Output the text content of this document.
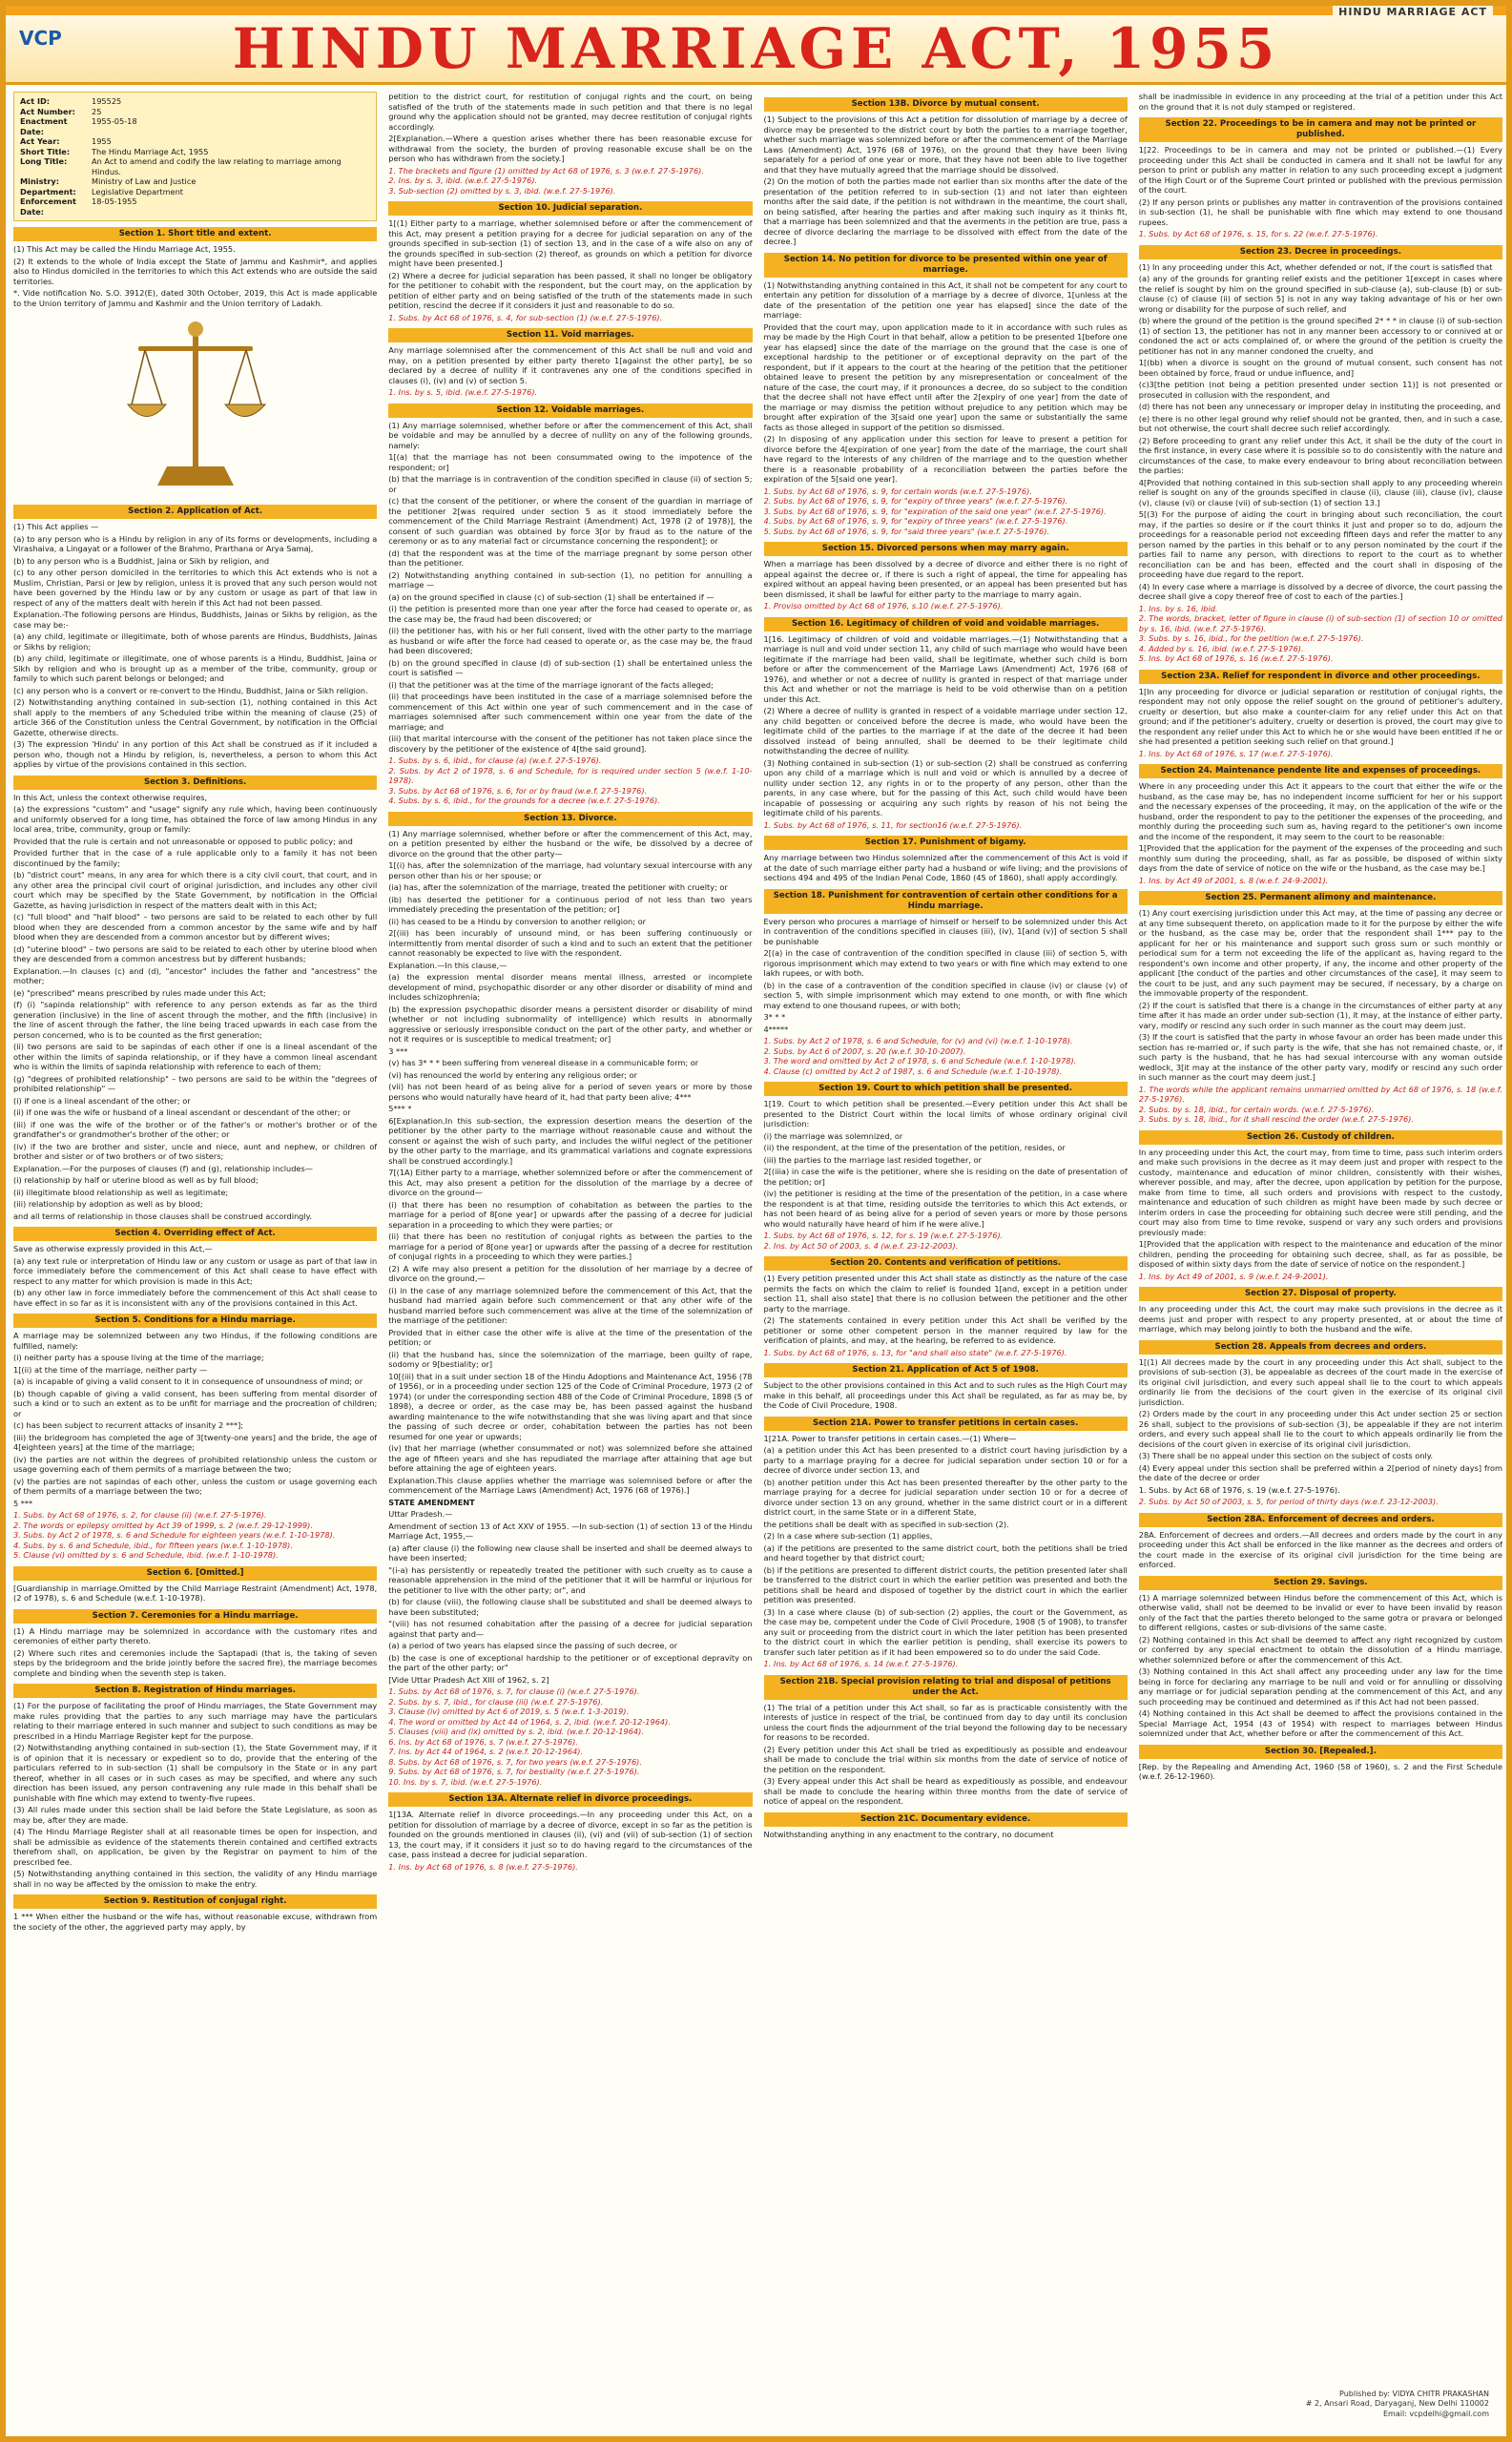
HINDU MARRIAGE ACT, 1955
VCP
HINDU MARRIAGE ACT
Act ID:	195525
Act Number:	25
Enactment Date:
1955-05-18
Act Year:	1955
Short Title:	The Hindu Marriage Act, 1955
Long Title:	An Act to amend and codify the law relating to marriage among Hindus.
Ministry:	Ministry of Law and Justice
Department:	Legislative Department
Enforcement Date:
18-05-1955
Section 1. Short title and extent.

(1) This Act may be called the Hindu Marriage Act, 1955.

(2) It extends to the whole of India except the State of Jammu and Kashmir*, and applies also to Hindus domiciled in the territories to which this Act extends who are outside the said territories.

*. Vide notification No. S.O. 3912(E), dated 30th October, 2019, this Act is made applicable to the Union territory of Jammu and Kashmir and the Union territory of Ladakh.

Section 2. Application of Act.

(1) This Act applies —

(a) to any person who is a Hindu by religion in any of its forms or developments, including a Virashaiva, a Lingayat or a follower of the Brahmo, Prarthana or Arya Samaj,

(b) to any person who is a Buddhist, Jaina or Sikh by religion, and

(c) to any other person domiciled in the territories to which this Act extends who is not a Muslim, Christian, Parsi or Jew by religion, unless it is proved that any such person would not have been governed by the Hindu law or by any custom or usage as part of that law in respect of any of the matters dealt with herein if this Act had not been passed.

Explanation.-The following persons are Hindus, Buddhists, Jainas or Sikhs by religion, as the case may be:-

(a) any child, legitimate or illegitimate, both of whose parents are Hindus, Buddhists, Jainas or Sikhs by religion;

(b) any child, legitimate or illegitimate, one of whose parents is a Hindu, Buddhist, Jaina or Sikh by religion and who is brought up as a member of the tribe, community, group or family to which such parent belongs or belonged; and

(c) any person who is a convert or re-convert to the Hindu, Buddhist, Jaina or Sikh religion.

(2) Notwithstanding anything contained in sub-section (1), nothing contained in this Act shall apply to the members of any Scheduled tribe within the meaning of clause (25) of article 366 of the Constitution unless the Central Government, by notification in the Official Gazette, otherwise directs.

(3) The expression 'Hindu' in any portion of this Act shall be construed as if it included a person who, though not a Hindu by religion, is, nevertheless, a person to whom this Act applies by virtue of the provisions contained in this section.

Section 3. Definitions.

In this Act, unless the context otherwise requires,

(a) the expressions "custom" and "usage" signify any rule which, having been continuously and uniformly observed for a long time, has obtained the force of law among Hindus in any local area, tribe, community, group or family:

Provided that the rule is certain and not unreasonable or opposed to public policy; and

Provided further that in the case of a rule applicable only to a family it has not been discontinued by the family;

(b) "district court" means, in any area for which there is a city civil court, that court, and in any other area the principal civil court of original jurisdiction, and includes any other civil court which may be specified by the State Government, by notification in the Official Gazette, as having jurisdiction in respect of the matters dealt with in this Act;

(c) "full blood" and "half blood" – two persons are said to be related to each other by full blood when they are descended from a common ancestor by the same wife and by half blood when they are descended from a common ancestor but by different wives;

(d) "uterine blood" – two persons are said to be related to each other by uterine blood when they are descended from a common ancestress but by different husbands;

Explanation.—In clauses (c) and (d), "ancestor" includes the father and "ancestress" the mother;

(e) "prescribed" means prescribed by rules made under this Act;

(f) (i) "sapinda relationship" with reference to any person extends as far as the third generation (inclusive) in the line of ascent through the mother, and the fifth (inclusive) in the line of ascent through the father, the line being traced upwards in each case from the person concerned, who is to be counted as the first generation;

(ii) two persons are said to be sapindas of each other if one is a lineal ascendant of the other within the limits of sapinda relationship, or if they have a common lineal ascendant who is within the limits of sapinda relationship with reference to each of them;

(g) "degrees of prohibited relationship" – two persons are said to be within the "degrees of prohibited relationship" —

(i) if one is a lineal ascendant of the other; or

(ii) if one was the wife or husband of a lineal ascendant or descendant of the other; or

(iii) if one was the wife of the brother or of the father's or mother's brother or of the grandfather's or grandmother's brother of the other; or

(iv) if the two are brother and sister, uncle and niece, aunt and nephew, or children of brother and sister or of two brothers or of two sisters;

Explanation.—For the purposes of clauses (f) and (g), relationship includes—

(i) relationship by half or uterine blood as well as by full blood;

(ii) illegitimate blood relationship as well as legitimate;

(iii) relationship by adoption as well as by blood;

and all terms of relationship in those clauses shall be construed accordingly.

Section 4. Overriding effect of Act.

Save as otherwise expressly provided in this Act,—

(a) any text rule or interpretation of Hindu law or any custom or usage as part of that law in force immediately before the commencement of this Act shall cease to have effect with respect to any matter for which provision is made in this Act;

(b) any other law in force immediately before the commencement of this Act shall cease to have effect in so far as it is inconsistent with any of the provisions contained in this Act.

Section 5. Conditions for a Hindu marriage.

A marriage may be solemnized between any two Hindus, if the following conditions are fulfilled, namely:

(i) neither party has a spouse living at the time of the marriage;

1[(ii) at the time of the marriage, neither party —

(a) is incapable of giving a valid consent to it in consequence of unsoundness of mind; or

(b) though capable of giving a valid consent, has been suffering from mental disorder of such a kind or to such an extent as to be unfit for marriage and the procreation of children; or

(c) has been subject to recurrent attacks of insanity 2 ***];

(iii) the bridegroom has completed the age of 3[twenty-one years] and the bride, the age of 4[eighteen years] at the time of the marriage;

(iv) the parties are not within the degrees of prohibited relationship unless the custom or usage governing each of them permits of a marriage between the two;

(v) the parties are not sapindas of each other, unless the custom or usage governing each of them permits of a marriage between the two;

5 ***

1. Subs. by Act 68 of 1976, s. 2, for clause (ii) (w.e.f. 27-5-1976).

2. The words or epilepsy omitted by Act 39 of 1999, s. 2 (w.e.f. 29-12-1999).

3. Subs. by Act 2 of 1978, s. 6 and Schedule for eighteen years (w.e.f. 1-10-1978).

4. Subs. by s. 6 and Schedule, ibid., for fifteen years (w.e.f. 1-10-1978).

5. Clause (vi) omitted by s. 6 and Schedule, ibid. (w.e.f. 1-10-1978).

Section 6. [Omitted.]

[Guardianship in marriage.Omitted by the Child Marriage Restraint (Amendment) Act, 1978, (2 of 1978), s. 6 and Schedule (w.e.f. 1-10-1978).

Section 7. Ceremonies for a Hindu marriage.

(1) A Hindu marriage may be solemnized in accordance with the customary rites and ceremonies of either party thereto.

(2) Where such rites and ceremonies include the Saptapadi (that is, the taking of seven steps by the bridegroom and the bride jointly before the sacred fire), the marriage becomes complete and binding when the seventh step is taken.

Section 8. Registration of Hindu marriages.

(1) For the purpose of facilitating the proof of Hindu marriages, the State Government may make rules providing that the parties to any such marriage may have the particulars relating to their marriage entered in such manner and subject to such conditions as may be prescribed in a Hindu Marriage Register kept for the purpose.

(2) Notwithstanding anything contained in sub-section (1), the State Government may, if it is of opinion that it is necessary or expedient so to do, provide that the entering of the particulars referred to in sub-section (1) shall be compulsory in the State or in any part thereof, whether in all cases or in such cases as may be specified, and where any such direction has been issued, any person contravening any rule made in this behalf shall be punishable with fine which may extend to twenty-five rupees.

(3) All rules made under this section shall be laid before the State Legislature, as soon as may be, after they are made.

(4) The Hindu Marriage Register shall at all reasonable times be open for inspection, and shall be admissible as evidence of the statements therein contained and certified extracts therefrom shall, on application, be given by the Registrar on payment to him of the prescribed fee.

(5) Notwithstanding anything contained in this section, the validity of any Hindu marriage shall in no way be affected by the omission to make the entry.

Section 9. Restitution of conjugal right.

1 *** When either the husband or the wife has, without reasonable excuse, withdrawn from the society of the other, the aggrieved party may apply, by

petition to the district court, for restitution of conjugal rights and the court, on being satisfied of the truth of the statements made in such petition and that there is no legal ground why the application should not be granted, may decree restitution of conjugal rights accordingly.

2[Explanation.—Where a question arises whether there has been reasonable excuse for withdrawal from the society, the burden of proving reasonable excuse shall be on the person who has withdrawn from the society.]

1. The brackets and figure (1) omitted by Act 68 of 1976, s. 3 (w.e.f. 27-5-1976).

2. Ins. by s. 3, ibid. (w.e.f. 27-5-1976).

3. Sub-section (2) omitted by s. 3, ibid. (w.e.f. 27-5-1976).

Section 10. Judicial separation.

1[(1) Either party to a marriage, whether solemnised before or after the commencement of this Act, may present a petition praying for a decree for judicial separation on any of the grounds specified in sub-section (1) of section 13, and in the case of a wife also on any of the grounds specified in sub-section (2) thereof, as grounds on which a petition for divorce might have been presented.]

(2) Where a decree for judicial separation has been passed, it shall no longer be obligatory for the petitioner to cohabit with the respondent, but the court may, on the application by petition of either party and on being satisfied of the truth of the statements made in such petition, rescind the decree if it considers it just and reasonable to do so.

1. Subs. by Act 68 of 1976, s. 4, for sub-section (1) (w.e.f. 27-5-1976).

Section 11. Void marriages.

Any marriage solemnised after the commencement of this Act shall be null and void and may, on a petition presented by either party thereto 1[against the other party], be so declared by a decree of nullity if it contravenes any one of the conditions specified in clauses (i), (iv) and (v) of section 5.

1. Ins. by s. 5, ibid. (w.e.f. 27-5-1976).

Section 12. Voidable marriages.

(1) Any marriage solemnised, whether before or after the commencement of this Act, shall be voidable and may be annulled by a decree of nullity on any of the following grounds, namely:

1[(a) that the marriage has not been consummated owing to the impotence of the respondent; or]

(b) that the marriage is in contravention of the condition specified in clause (ii) of section 5; or

(c) that the consent of the petitioner, or where the consent of the guardian in marriage of the petitioner 2[was required under section 5 as it stood immediately before the commencement of the Child Marriage Restraint (Amendment) Act, 1978 (2 of 1978)], the consent of such guardian was obtained by force 3[or by fraud as to the nature of the ceremony or as to any material fact or circumstance concerning the respondent]; or

(d) that the respondent was at the time of the marriage pregnant by some person other than the petitioner.

(2) Notwithstanding anything contained in sub-section (1), no petition for annulling a marriage —

(a) on the ground specified in clause (c) of sub-section (1) shall be entertained if —

(i) the petition is presented more than one year after the force had ceased to operate or, as the case may be, the fraud had been discovered; or

(ii) the petitioner has, with his or her full consent, lived with the other party to the marriage as husband or wife after the force had ceased to operate or, as the case may be, the fraud had been discovered;

(b) on the ground specified in clause (d) of sub-section (1) shall be entertained unless the court is satisfied —

(i) that the petitioner was at the time of the marriage ignorant of the facts alleged;

(ii) that proceedings have been instituted in the case of a marriage solemnised before the commencement of this Act within one year of such commencement and in the case of marriages solemnised after such commencement within one year from the date of the marriage; and

(iii) that marital intercourse with the consent of the petitioner has not taken place since the discovery by the petitioner of the existence of 4[the said ground].

1. Subs. by s. 6, ibid., for clause (a) (w.e.f. 27-5-1976).

2. Subs. by Act 2 of 1978, s. 6 and Schedule, for is required under section 5 (w.e.f. 1-10-1978).

3. Subs. by Act 68 of 1976, s. 6, for or by fraud (w.e.f. 27-5-1976).

4. Subs. by s. 6, ibid., for the grounds for a decree (w.e.f. 27-5-1976).

Section 13. Divorce.

(1) Any marriage solemnised, whether before or after the commencement of this Act, may, on a petition presented by either the husband or the wife, be dissolved by a decree of divorce on the ground that the other party—

1[(i) has, after the solemnization of the marriage, had voluntary sexual intercourse with any person other than his or her spouse; or

(ia) has, after the solemnization of the marriage, treated the petitioner with cruelty; or

(ib) has deserted the petitioner for a continuous period of not less than two years immediately preceding the presentation of the petition; or]

(ii) has ceased to be a Hindu by conversion to another religion; or

2[(iii) has been incurably of unsound mind, or has been suffering continuously or intermittently from mental disorder of such a kind and to such an extent that the petitioner cannot reasonably be expected to live with the respondent.

Explanation.—In this clause,—

(a) the expression mental disorder means mental illness, arrested or incomplete development of mind, psychopathic disorder or any other disorder or disability of mind and includes schizophrenia;

(b) the expression psychopathic disorder means a persistent disorder or disability of mind (whether or not including subnormality of intelligence) which results in abnormally aggressive or seriously irresponsible conduct on the part of the other party, and whether or not it requires or is susceptible to medical treatment; or]

3 ***

(v) has 3* * * been suffering from venereal disease in a communicable form; or

(vi) has renounced the world by entering any religious order; or

(vii) has not been heard of as being alive for a period of seven years or more by those persons who would naturally have heard of it, had that party been alive; 4***

5*** *

6[Explanation.In this sub-section, the expression desertion means the desertion of the petitioner by the other party to the marriage without reasonable cause and without the consent or against the wish of such party, and includes the wilful neglect of the petitioner by the other party to the marriage, and its grammatical variations and cognate expressions shall be construed accordingly.]

7[(1A) Either party to a marriage, whether solemnized before or after the commencement of this Act, may also present a petition for the dissolution of the marriage by a decree of divorce on the ground—

(i) that there has been no resumption of cohabitation as between the parties to the marriage for a period of 8[one year] or upwards after the passing of a decree for judicial separation in a proceeding to which they were parties; or

(ii) that there has been no restitution of conjugal rights as between the parties to the marriage for a period of 8[one year] or upwards after the passing of a decree for restitution of conjugal rights in a proceeding to which they were parties.]

(2) A wife may also present a petition for the dissolution of her marriage by a decree of divorce on the ground,—

(i) in the case of any marriage solemnized before the commencement of this Act, that the husband had married again before such commencement or that any other wife of the husband married before such commencement was alive at the time of the solemnization of the marriage of the petitioner:

Provided that in either case the other wife is alive at the time of the presentation of the petition; or

(ii) that the husband has, since the solemnization of the marriage, been guilty of rape, sodomy or 9[bestiality; or]

10[(iii) that in a suit under section 18 of the Hindu Adoptions and Maintenance Act, 1956 (78 of 1956), or in a proceeding under section 125 of the Code of Criminal Procedure, 1973 (2 of 1974) (or under the corresponding section 488 of the Code of Criminal Procedure, 1898 (5 of 1898), a decree or order, as the case may be, has been passed against the husband awarding maintenance to the wife notwithstanding that she was living apart and that since the passing of such decree or order, cohabitation between the parties has not been resumed for one year or upwards;

(iv) that her marriage (whether consummated or not) was solemnized before she attained the age of fifteen years and she has repudiated the marriage after attaining that age but before attaining the age of eighteen years.

Explanation.This clause applies whether the marriage was solemnised before or after the commencement of the Marriage Laws (Amendment) Act, 1976 (68 of 1976).]

STATE AMENDMENT

Uttar Pradesh.—

Amendment of section 13 of Act XXV of 1955. —In sub-section (1) of section 13 of the Hindu Marriage Act, 1955,—

(a) after clause (i) the following new clause shall be inserted and shall be deemed always to have been inserted;

"(i-a) has persistently or repeatedly treated the petitioner with such cruelty as to cause a reasonable apprehension in the mind of the petitioner that it will be harmful or injurious for the petitioner to live with the other party; or", and

(b) for clause (viii), the following clause shall be substituted and shall be deemed always to have been substituted;

"(viii) has not resumed cohabitation after the passing of a decree for judicial separation against that party and—

(a) a period of two years has elapsed since the passing of such decree, or

(b) the case is one of exceptional hardship to the petitioner or of exceptional depravity on the part of the other party; or"

[Vide Uttar Pradesh Act XIII of 1962, s. 2]

1. Subs. by Act 68 of 1976, s. 7, for clause (i) (w.e.f. 27-5-1976).

2. Subs. by s. 7, ibid., for clause (iii) (w.e.f. 27-5-1976).

3. Clause (iv) omitted by Act 6 of 2019, s. 5 (w.e.f. 1-3-2019).

4. The word or omitted by Act 44 of 1964, s. 2, ibid. (w.e.f. 20-12-1964).

5. Clauses (viii) and (ix) omitted by s. 2, ibid. (w.e.f. 20-12-1964).

6. Ins. by Act 68 of 1976, s. 7 (w.e.f. 27-5-1976).

7. Ins. by Act 44 of 1964, s. 2 (w.e.f. 20-12-1964).

8. Subs. by Act 68 of 1976, s. 7, for two years (w.e.f. 27-5-1976).

9. Subs. by Act 68 of 1976, s. 7, for bestiality (w.e.f. 27-5-1976).

10. Ins. by s. 7, ibid. (w.e.f. 27-5-1976).

Section 13A. Alternate relief in divorce proceedings.

1[13A. Alternate relief in divorce proceedings.—In any proceeding under this Act, on a petition for dissolution of marriage by a decree of divorce, except in so far as the petition is founded on the grounds mentioned in clauses (ii), (vi) and (vii) of sub-section (1) of section 13, the court may, if it considers it just so to do having regard to the circumstances of the case, pass instead a decree for judicial separation.

1. Ins. by Act 68 of 1976, s. 8 (w.e.f. 27-5-1976).

Section 13B. Divorce by mutual consent.

(1) Subject to the provisions of this Act a petition for dissolution of marriage by a decree of divorce may be presented to the district court by both the parties to a marriage together, whether such marriage was solemnized before or after the commencement of the Marriage Laws (Amendment) Act, 1976 (68 of 1976), on the ground that they have been living separately for a period of one year or more, that they have not been able to live together and that they have mutually agreed that the marriage should be dissolved.

(2) On the motion of both the parties made not earlier than six months after the date of the presentation of the petition referred to in sub-section (1) and not later than eighteen months after the said date, if the petition is not withdrawn in the meantime, the court shall, on being satisfied, after hearing the parties and after making such inquiry as it thinks fit, that a marriage has been solemnized and that the averments in the petition are true, pass a decree of divorce declaring the marriage to be dissolved with effect from the date of the decree.]

Section 14. No petition for divorce to be presented within one year of marriage.

(1) Notwithstanding anything contained in this Act, it shall not be competent for any court to entertain any petition for dissolution of a marriage by a decree of divorce, 1[unless at the date of the presentation of the petition one year has elapsed] since the date of the marriage:

Provided that the court may, upon application made to it in accordance with such rules as may be made by the High Court in that behalf, allow a petition to be presented 1[before one year has elapsed] since the date of the marriage on the ground that the case is one of exceptional hardship to the petitioner or of exceptional depravity on the part of the respondent, but if it appears to the court at the hearing of the petition that the petitioner obtained leave to present the petition by any misrepresentation or concealment of the nature of the case, the court may, if it pronounces a decree, do so subject to the condition that the decree shall not have effect until after the 2[expiry of one year] from the date of the marriage or may dismiss the petition without prejudice to any petition which may be brought after expiration of the 3[said one year] upon the same or substantially the same facts as those alleged in support of the petition so dismissed.

(2) In disposing of any application under this section for leave to present a petition for divorce before the 4[expiration of one year] from the date of the marriage, the court shall have regard to the interests of any children of the marriage and to the question whether there is a reasonable probability of a reconciliation between the parties before the expiration of the 5[said one year].

1. Subs. by Act 68 of 1976, s. 9, for certain words (w.e.f. 27-5-1976).

2. Subs. by Act 68 of 1976, s. 9, for "expiry of three years" (w.e.f. 27-5-1976).

3. Subs. by Act 68 of 1976, s. 9, for "expiration of the said one year" (w.e.f. 27-5-1976).

4. Subs. by Act 68 of 1976, s. 9, for "expiry of three years" (w.e.f. 27-5-1976).

5. Subs. by Act 68 of 1976, s. 9, for "said three years" (w.e.f. 27-5-1976).

Section 15. Divorced persons when may marry again.

When a marriage has been dissolved by a decree of divorce and either there is no right of appeal against the decree or, if there is such a right of appeal, the time for appealing has expired without an appeal having been presented, or an appeal has been presented but has been dismissed, it shall be lawful for either party to the marriage to marry again.

1. Proviso omitted by Act 68 of 1976, s.10 (w.e.f. 27-5-1976).

Section 16. Legitimacy of children of void and voidable marriages.

1[16. Legitimacy of children of void and voidable marriages.—(1) Notwithstanding that a marriage is null and void under section 11, any child of such marriage who would have been legitimate if the marriage had been valid, shall be legitimate, whether such child is born before or after the commencement of the Marriage Laws (Amendment) Act, 1976 (68 of 1976), and whether or not a decree of nullity is granted in respect of that marriage under this Act and whether or not the marriage is held to be void otherwise than on a petition under this Act.

(2) Where a decree of nullity is granted in respect of a voidable marriage under section 12, any child begotten or conceived before the decree is made, who would have been the legitimate child of the parties to the marriage if at the date of the decree it had been dissolved instead of being annulled, shall be deemed to be their legitimate child notwithstanding the decree of nullity.

(3) Nothing contained in sub-section (1) or sub-section (2) shall be construed as conferring upon any child of a marriage which is null and void or which is annulled by a decree of nullity under section 12, any rights in or to the property of any person, other than the parents, in any case where, but for the passing of this Act, such child would have been incapable of possessing or acquiring any such rights by reason of his not being the legitimate child of his parents.

1. Subs. by Act 68 of 1976, s. 11, for section16 (w.e.f. 27-5-1976).

Section 17. Punishment of bigamy.

Any marriage between two Hindus solemnized after the commencement of this Act is void if at the date of such marriage either party had a husband or wife living; and the provisions of sections 494 and 495 of the Indian Penal Code, 1860 (45 of 1860), shall apply accordingly.

Section 18. Punishment for contravention of certain other conditions for a Hindu marriage.

Every person who procures a marriage of himself or herself to be solemnized under this Act in contravention of the conditions specified in clauses (iii), (iv), 1[and (v)] of section 5 shall be punishable

2[(a) in the case of contravention of the condition specified in clause (iii) of section 5, with rigorous imprisonment which may extend to two years or with fine which may extend to one lakh rupees, or with both.

(b) in the case of a contravention of the condition specified in clause (iv) or clause (v) of section 5, with simple imprisonment which may extend to one month, or with fine which may extend to one thousand rupees, or with both;

3* * *

4*****

1. Subs. by Act 2 of 1978, s. 6 and Schedule, for (v) and (vi) (w.e.f. 1-10-1978).

2. Subs. by Act 6 of 2007, s. 20 (w.e.f. 30-10-2007).

3. The word and omitted by Act 2 of 1978, s. 6 and Schedule (w.e.f. 1-10-1978).

4. Clause (c) omitted by Act 2 of 1987, s. 6 and Schedule (w.e.f. 1-10-1978).

Section 19. Court to which petition shall be presented.

1[19. Court to which petition shall be presented.—Every petition under this Act shall be presented to the District Court within the local limits of whose ordinary original civil jurisdiction:

(i) the marriage was solemnized, or

(ii) the respondent, at the time of the presentation of the petition, resides, or

(iii) the parties to the marriage last resided together, or

2[(iiia) in case the wife is the petitioner, where she is residing on the date of presentation of the petition; or]

(iv) the petitioner is residing at the time of the presentation of the petition, in a case where the respondent is at that time, residing outside the territories to which this Act extends, or has not been heard of as being alive for a period of seven years or more by those persons who would naturally have heard of him if he were alive.]

1. Subs. by Act 68 of 1976, s. 12, for s. 19 (w.e.f. 27-5-1976).

2. Ins. by Act 50 of 2003, s. 4 (w.e.f. 23-12-2003).

Section 20. Contents and verification of petitions.

(1) Every petition presented under this Act shall state as distinctly as the nature of the case permits the facts on which the claim to relief is founded 1[and, except in a petition under section 11, shall also state] that there is no collusion between the petitioner and the other party to the marriage.

(2) The statements contained in every petition under this Act shall be verified by the petitioner or some other competent person in the manner required by law for the verification of plaints, and may, at the hearing, be referred to as evidence.

1. Subs. by Act 68 of 1976, s. 13, for "and shall also state" (w.e.f. 27-5-1976).

Section 21. Application of Act 5 of 1908.

Subject to the other provisions contained in this Act and to such rules as the High Court may make in this behalf, all proceedings under this Act shall be regulated, as far as may be, by the Code of Civil Procedure, 1908.

Section 21A. Power to transfer petitions in certain cases.

1[21A. Power to transfer petitions in certain cases.—(1) Where—

(a) a petition under this Act has been presented to a district court having jurisdiction by a party to a marriage praying for a decree for judicial separation under section 10 or for a decree of divorce under section 13, and

(b) another petition under this Act has been presented thereafter by the other party to the marriage praying for a decree for judicial separation under section 10 or for a decree of divorce under section 13 on any ground, whether in the same district court or in a different district court, in the same State or in a different State,

the petitions shall be dealt with as specified in sub-section (2).

(2) In a case where sub-section (1) applies,

(a) if the petitions are presented to the same district court, both the petitions shall be tried and heard together by that district court;

(b) if the petitions are presented to different district courts, the petition presented later shall be transferred to the district court in which the earlier petition was presented and both the petitions shall be heard and disposed of together by the district court in which the earlier petition was presented.

(3) In a case where clause (b) of sub-section (2) applies, the court or the Government, as the case may be, competent under the Code of Civil Procedure, 1908 (5 of 1908), to transfer any suit or proceeding from the district court in which the later petition has been presented to the district court in which the earlier petition is pending, shall exercise its powers to transfer such later petition as if it had been empowered so to do under the said Code.

1. Ins. by Act 68 of 1976, s. 14 (w.e.f. 27-5-1976).

Section 21B. Special provision relating to trial and disposal of petitions under the Act.

(1) The trial of a petition under this Act shall, so far as is practicable consistently with the interests of justice in respect of the trial, be continued from day to day until its conclusion unless the court finds the adjournment of the trial beyond the following day to be necessary for reasons to be recorded.

(2) Every petition under this Act shall be tried as expeditiously as possible and endeavour shall be made to conclude the trial within six months from the date of service of notice of the petition on the respondent.

(3) Every appeal under this Act shall be heard as expeditiously as possible, and endeavour shall be made to conclude the hearing within three months from the date of service of notice of appeal on the respondent.

Section 21C. Documentary evidence.

Notwithstanding anything in any enactment to the contrary, no document

shall be inadmissible in evidence in any proceeding at the trial of a petition under this Act on the ground that it is not duly stamped or registered.

Section 22. Proceedings to be in camera and may not be printed or published.

1[22. Proceedings to be in camera and may not be printed or published.—(1) Every proceeding under this Act shall be conducted in camera and it shall not be lawful for any person to print or publish any matter in relation to any such proceeding except a judgment of the High Court or of the Supreme Court printed or published with the previous permission of the court.

(2) If any person prints or publishes any matter in contravention of the provisions contained in sub-section (1), he shall be punishable with fine which may extend to one thousand rupees.

1. Subs. by Act 68 of 1976, s. 15, for s. 22 (w.e.f. 27-5-1976).

Section 23. Decree in proceedings.

(1) In any proceeding under this Act, whether defended or not, if the court is satisfied that

(a) any of the grounds for granting relief exists and the petitioner 1[except in cases where the relief is sought by him on the ground specified in sub-clause (a), sub-clause (b) or sub-clause (c) of clause (ii) of section 5] is not in any way taking advantage of his or her own wrong or disability for the purpose of such relief, and

(b) where the ground of the petition is the ground specified 2* * * in clause (i) of sub-section (1) of section 13, the petitioner has not in any manner been accessory to or connived at or condoned the act or acts complained of, or where the ground of the petition is cruelty the petitioner has not in any manner condoned the cruelty, and

1[(bb) when a divorce is sought on the ground of mutual consent, such consent has not been obtained by force, fraud or undue influence, and]

(c)3[the petition (not being a petition presented under section 11)] is not presented or prosecuted in collusion with the respondent, and

(d) there has not been any unnecessary or improper delay in instituting the proceeding, and

(e) there is no other legal ground why relief should not be granted, then, and in such a case, but not otherwise, the court shall decree such relief accordingly.

(2) Before proceeding to grant any relief under this Act, it shall be the duty of the court in the first instance, in every case where it is possible so to do consistently with the nature and circumstances of the case, to make every endeavour to bring about reconciliation between the parties:

4[Provided that nothing contained in this sub-section shall apply to any proceeding wherein relief is sought on any of the grounds specified in clause (ii), clause (iii), clause (iv), clause (v), clause (vi) or clause (vii) of sub-section (1) of section 13.]

5[(3) For the purpose of aiding the court in bringing about such reconciliation, the court may, if the parties so desire or if the court thinks it just and proper so to do, adjourn the proceedings for a reasonable period not exceeding fifteen days and refer the matter to any person named by the parties in this behalf or to any person nominated by the court if the parties fail to name any person, with directions to report to the court as to whether reconciliation can be and has been, effected and the court shall in disposing of the proceeding have due regard to the report.

(4) In every case where a marriage is dissolved by a decree of divorce, the court passing the decree shall give a copy thereof free of cost to each of the parties.]

1. Ins. by s. 16, ibid.

2. The words, bracket, letter of figure in clause (i) of sub-section (1) of section 10 or omitted by s. 16, ibid. (w.e.f. 27-5-1976).

3. Subs. by s. 16, ibid., for the petition (w.e.f. 27-5-1976).

4. Added by s. 16, ibid. (w.e.f. 27-5-1976).

5. Ins. by Act 68 of 1976, s. 16 (w.e.f. 27-5-1976).

Section 23A. Relief for respondent in divorce and other proceedings.

1[In any proceeding for divorce or judicial separation or restitution of conjugal rights, the respondent may not only oppose the relief sought on the ground of petitioner's adultery, cruelty or desertion, but also make a counter-claim for any relief under this Act on that ground; and if the petitioner's adultery, cruelty or desertion is proved, the court may give to the respondent any relief under this Act to which he or she would have been entitled if he or she had presented a petition seeking such relief on that ground.]

1. Ins. by Act 68 of 1976, s. 17 (w.e.f. 27-5-1976).

Section 24. Maintenance pendente lite and expenses of proceedings.

Where in any proceeding under this Act it appears to the court that either the wife or the husband, as the case may be, has no independent income sufficient for her or his support and the necessary expenses of the proceeding, it may, on the application of the wife or the husband, order the respondent to pay to the petitioner the expenses of the proceeding, and monthly during the proceeding such sum as, having regard to the petitioner's own income and the income of the respondent, it may seem to the court to be reasonable:

1[Provided that the application for the payment of the expenses of the proceeding and such monthly sum during the proceeding, shall, as far as possible, be disposed of within sixty days from the date of service of notice on the wife or the husband, as the case may be.]

1. Ins. by Act 49 of 2001, s. 8 (w.e.f. 24-9-2001).

Section 25. Permanent alimony and maintenance.

(1) Any court exercising jurisdiction under this Act may, at the time of passing any decree or at any time subsequent thereto, on application made to it for the purpose by either the wife or the husband, as the case may be, order that the respondent shall 1*** pay to the applicant for her or his maintenance and support such gross sum or such monthly or periodical sum for a term not exceeding the life of the applicant as, having regard to the respondent's own income and other property, if any, the income and other property of the applicant [the conduct of the parties and other circumstances of the case], it may seem to the court to be just, and any such payment may be secured, if necessary, by a charge on the immovable property of the respondent.

(2) If the court is satisfied that there is a change in the circumstances of either party at any time after it has made an order under sub-section (1), it may, at the instance of either party, vary, modify or rescind any such order in such manner as the court may deem just.

(3) If the court is satisfied that the party in whose favour an order has been made under this section has re-married or, if such party is the wife, that she has not remained chaste, or, if such party is the husband, that he has had sexual intercourse with any woman outside wedlock, 3[it may at the instance of the other party vary, modify or rescind any such order in such manner as the court may deem just.]

1. The words while the applicant remains unmarried omitted by Act 68 of 1976, s. 18 (w.e.f. 27-5-1976).

2. Subs. by s. 18, ibid., for certain words. (w.e.f. 27-5-1976).

3. Subs. by s. 18, ibid., for it shall rescind the order (w.e.f. 27-5-1976).

Section 26. Custody of children.

In any proceeding under this Act, the court may, from time to time, pass such interim orders and make such provisions in the decree as it may deem just and proper with respect to the custody, maintenance and education of minor children, consistently with their wishes, wherever possible, and may, after the decree, upon application by petition for the purpose, make from time to time, all such orders and provisions with respect to the custody, maintenance and education of such children as might have been made by such decree or interim orders in case the proceeding for obtaining such decree were still pending, and the court may also from time to time revoke, suspend or vary any such orders and provisions previously made:

1[Provided that the application with respect to the maintenance and education of the minor children, pending the proceeding for obtaining such decree, shall, as far as possible, be disposed of within sixty days from the date of service of notice on the respondent.]

1. Ins. by Act 49 of 2001, s. 9 (w.e.f. 24-9-2001).

Section 27. Disposal of property.

In any proceeding under this Act, the court may make such provisions in the decree as it deems just and proper with respect to any property presented, at or about the time of marriage, which may belong jointly to both the husband and the wife.

Section 28. Appeals from decrees and orders.

1[(1) All decrees made by the court in any proceeding under this Act shall, subject to the provisions of sub-section (3), be appealable as decrees of the court made in the exercise of its original civil jurisdiction, and every such appeal shall lie to the court to which appeals ordinarily lie from the decisions of the court given in the exercise of its original civil jurisdiction.

(2) Orders made by the court in any proceeding under this Act under section 25 or section 26 shall, subject to the provisions of sub-section (3), be appealable if they are not interim orders, and every such appeal shall lie to the court to which appeals ordinarily lie from the decisions of the court given in exercise of its original civil jurisdiction.

(3) There shall be no appeal under this section on the subject of costs only.

(4) Every appeal under this section shall be preferred within a 2[period of ninety days] from the date of the decree or order

1. Subs. by Act 68 of 1976, s. 19 (w.e.f. 27-5-1976).

2. Subs. by Act 50 of 2003, s. 5, for period of thirty days (w.e.f. 23-12-2003).

Section 28A. Enforcement of decrees and orders.

28A. Enforcement of decrees and orders.—All decrees and orders made by the court in any proceeding under this Act shall be enforced in the like manner as the decrees and orders of the court made in the exercise of its original civil jurisdiction for the time being are enforced.

Section 29. Savings.

(1) A marriage solemnized between Hindus before the commencement of this Act, which is otherwise valid, shall not be deemed to be invalid or ever to have been invalid by reason only of the fact that the parties thereto belonged to the same gotra or pravara or belonged to different religions, castes or sub-divisions of the same caste.

(2) Nothing contained in this Act shall be deemed to affect any right recognized by custom or conferred by any special enactment to obtain the dissolution of a Hindu marriage, whether solemnized before or after the commencement of this Act.

(3) Nothing contained in this Act shall affect any proceeding under any law for the time being in force for declaring any marriage to be null and void or for annulling or dissolving any marriage or for judicial separation pending at the commencement of this Act, and any such proceeding may be continued and determined as if this Act had not been passed.

(4) Nothing contained in this Act shall be deemed to affect the provisions contained in the Special Marriage Act, 1954 (43 of 1954) with respect to marriages between Hindus solemnized under that Act, whether before or after the commencement of this Act.

Section 30. [Repealed.].

[Rep. by the Repealing and Amending Act, 1960 (58 of 1960), s. 2 and the First Schedule (w.e.f. 26-12-1960).

Published by: VIDYA CHITR PRAKASHAN
# 2, Ansari Road, Daryaganj, New Delhi 110002
Email: vcpdelhi@gmail.com
